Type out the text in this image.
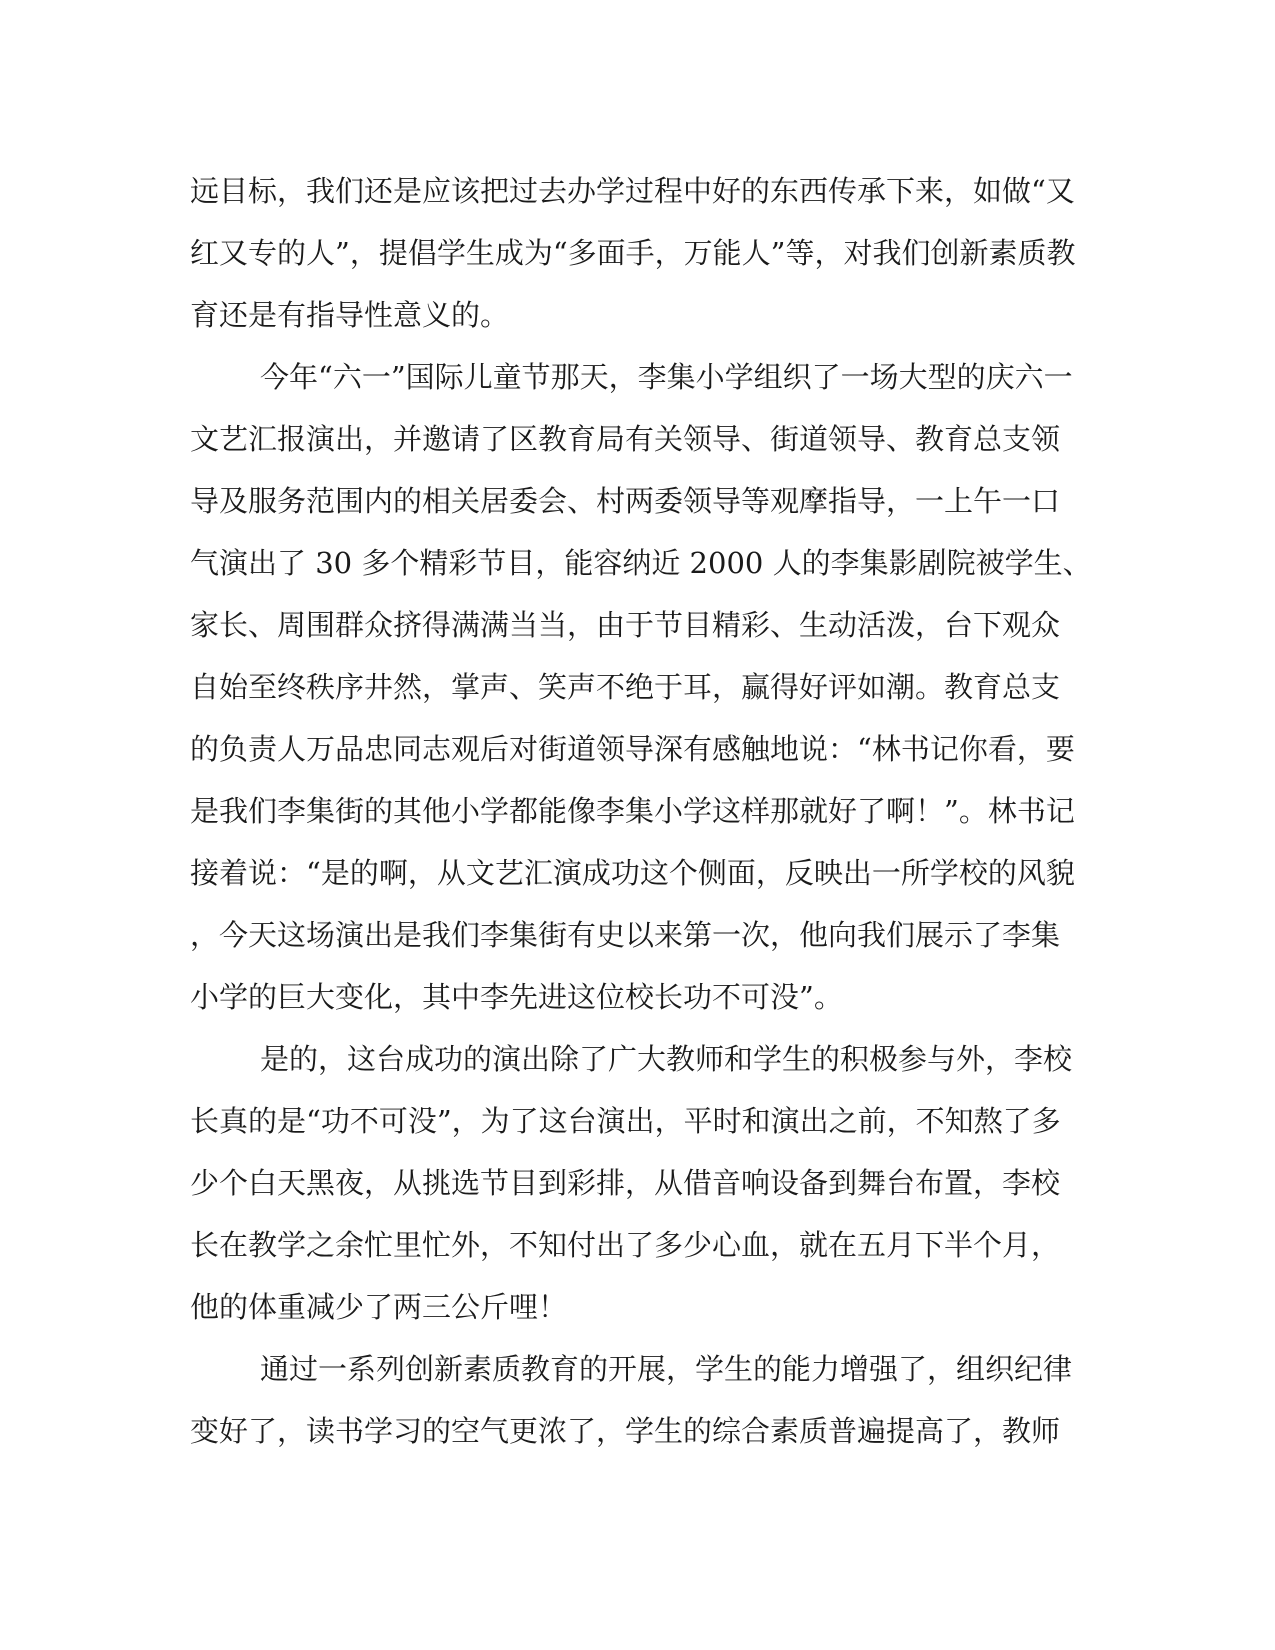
远目标，我们还是应该把过去办学过程中好的东西传承下来，如做“又
红又专的人”，提倡学生成为“多面手，万能人”等，对我们创新素质教
育还是有指导性意义的。
今年“六一”国际儿童节那天，李集小学组织了一场大型的庆六一
文艺汇报演出，并邀请了区教育局有关领导、街道领导、教育总支领
导及服务范围内的相关居委会、村两委领导等观摩指导，一上午一口
气演出了 30 多个精彩节目，能容纳近 2000 人的李集影剧院被学生、
家长、周围群众挤得满满当当，由于节目精彩、生动活泼，台下观众
自始至终秩序井然，掌声、笑声不绝于耳，赢得好评如潮。教育总支
的负责人万品忠同志观后对街道领导深有感触地说：“林书记你看，要
是我们李集街的其他小学都能像李集小学这样那就好了啊！”。林书记
接着说：“是的啊，从文艺汇演成功这个侧面，反映出一所学校的风貌
，今天这场演出是我们李集街有史以来第一次，他向我们展示了李集
小学的巨大变化，其中李先进这位校长功不可没”。
是的，这台成功的演出除了广大教师和学生的积极参与外，李校
长真的是“功不可没”，为了这台演出，平时和演出之前，不知熬了多
少个白天黑夜，从挑选节目到彩排，从借音响设备到舞台布置，李校
长在教学之余忙里忙外，不知付出了多少心血，就在五月下半个月，
他的体重减少了两三公斤哩！
通过一系列创新素质教育的开展，学生的能力增强了，组织纪律
变好了，读书学习的空气更浓了，学生的综合素质普遍提高了，教师
